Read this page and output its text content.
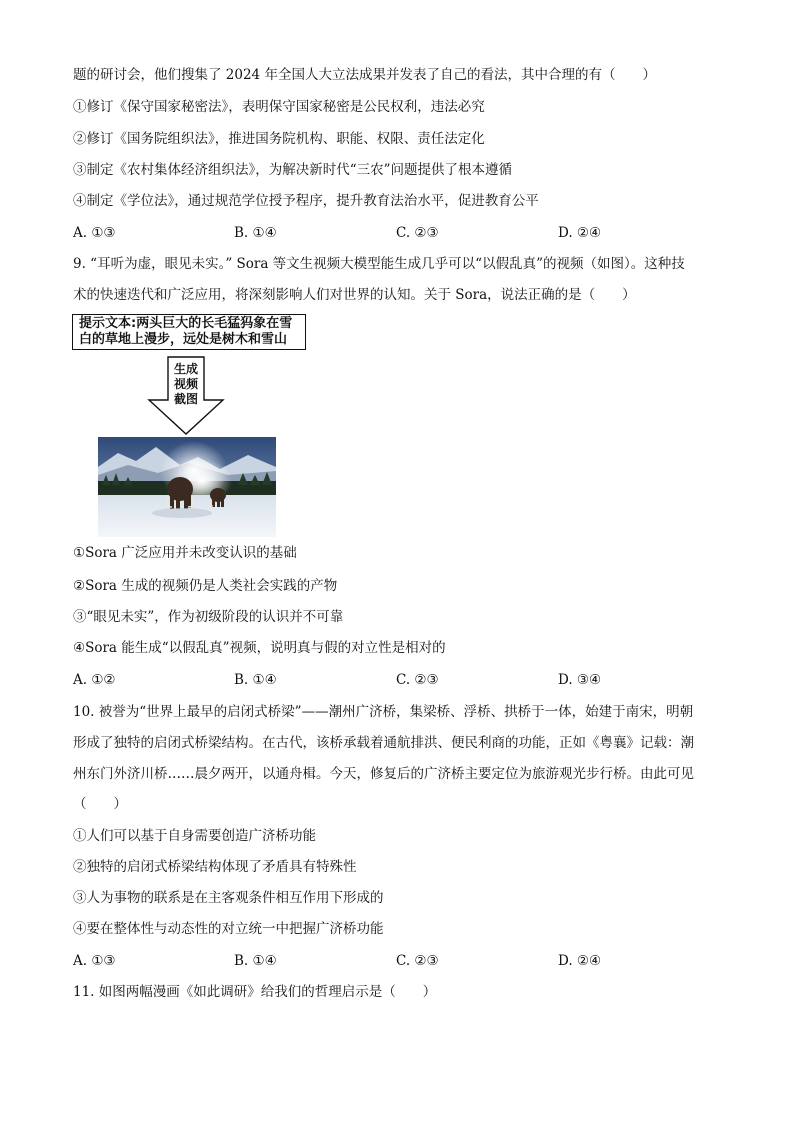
题的研讨会，他们搜集了 2024 年全国人大立法成果并发表了自己的看法，其中合理的有（　　）
①修订《保守国家秘密法》，表明保守国家秘密是公民权利，违法必究
②修订《国务院组织法》，推进国务院机构、职能、权限、责任法定化
③制定《农村集体经济组织法》，为解决新时代“三农”问题提供了根本遵循
④制定《学位法》，通过规范学位授予程序，提升教育法治水平，促进教育公平
A. ①③	B. ①④	C. ②③	D. ②④
9. “耳听为虚，眼见未实。” Sora 等文生视频大模型能生成几乎可以“以假乱真”的视频（如图）。这种技
术的快速迭代和广泛应用，将深刻影响人们对世界的认知。关于 Sora，说法正确的是（　　）
提示文本:两头巨大的长毛猛犸象在雪
白的草地上漫步，远处是树木和雪山
生成
视频
截图
①Sora 广泛应用并未改变认识的基础
②Sora 生成的视频仍是人类社会实践的产物
③“眼见未实”，作为初级阶段的认识并不可靠
④Sora 能生成“以假乱真”视频，说明真与假的对立性是相对的
A. ①②	B. ①④	C. ②③	D. ③④
10. 被誉为“世界上最早的启闭式桥梁”——潮州广济桥，集梁桥、浮桥、拱桥于一体，始建于南宋，明朝
形成了独特的启闭式桥梁结构。在古代，该桥承载着通航排洪、便民利商的功能，正如《粤襄》记载：潮
州东门外济川桥……晨夕两开，以通舟楫。今天，修复后的广济桥主要定位为旅游观光步行桥。由此可见
（　　）
①人们可以基于自身需要创造广济桥功能
②独特的启闭式桥梁结构体现了矛盾具有特殊性
③人为事物的联系是在主客观条件相互作用下形成的
④要在整体性与动态性的对立统一中把握广济桥功能
A. ①③	B. ①④	C. ②③	D. ②④
11. 如图两幅漫画《如此调研》给我们的哲理启示是（　　）
